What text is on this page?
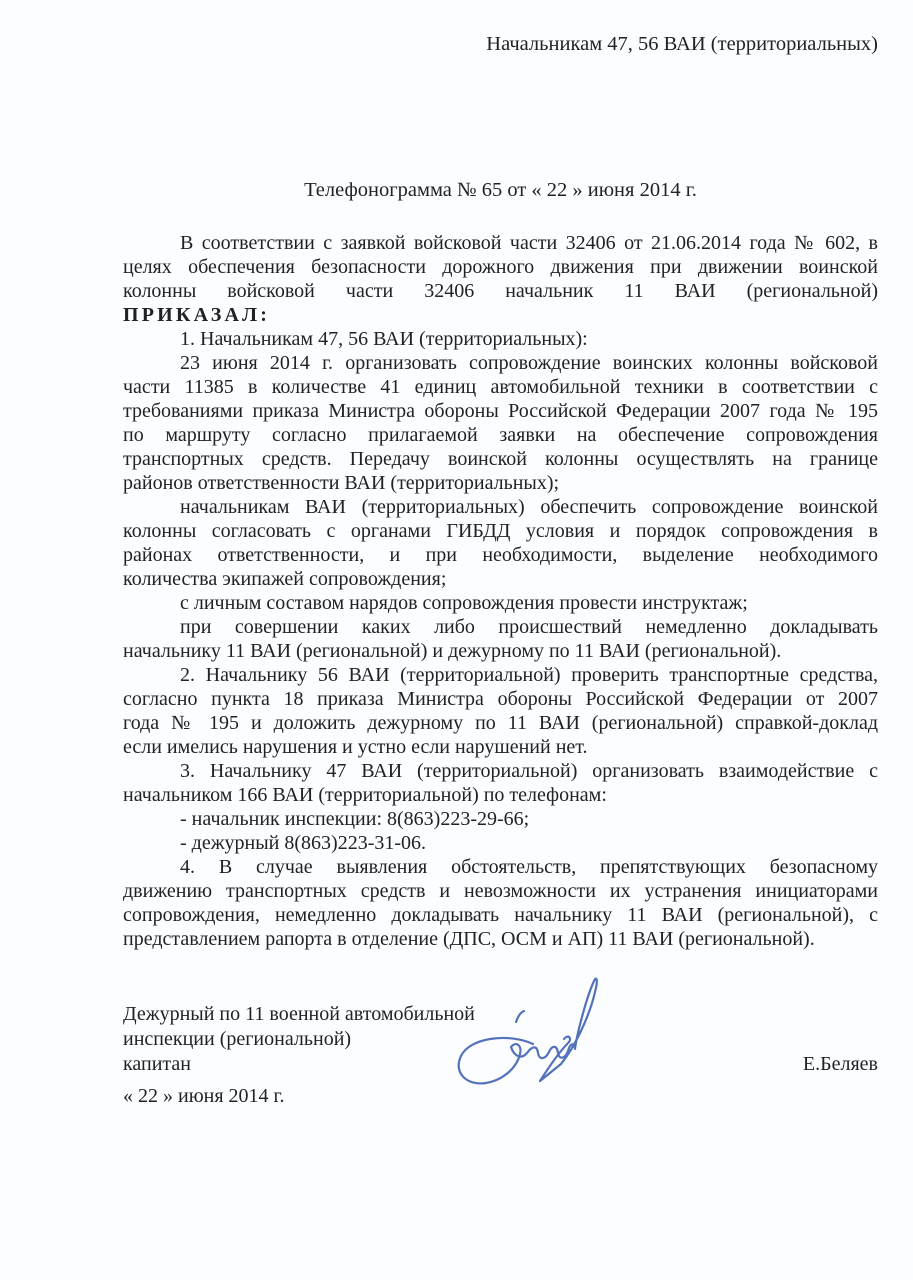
Начальникам 47, 56 ВАИ (территориальных)
Телефонограмма № 65 от « 22 » июня 2014 г.
В соответствии с заявкой войсковой части 32406 от 21.06.2014 года № 602, в
целях обеспечения безопасности дорожного движения при движении воинской
колонны войсковой части 32406 начальник 11 ВАИ (региональной)
ПРИКАЗАЛ:
1. Начальникам 47, 56 ВАИ (территориальных):
23 июня 2014 г. организовать сопровождение воинских колонны войсковой
части 11385 в количестве 41 единиц автомобильной техники в соответствии с
требованиями приказа Министра обороны Российской Федерации 2007 года № 195
по маршруту согласно прилагаемой заявки на обеспечение сопровождения
транспортных средств. Передачу воинской колонны осуществлять на границе
районов ответственности ВАИ (территориальных);
начальникам ВАИ (территориальных) обеспечить сопровождение воинской
колонны согласовать с органами ГИБДД условия и порядок сопровождения в
районах ответственности, и при необходимости, выделение необходимого
количества экипажей сопровождения;
с личным составом нарядов сопровождения провести инструктаж;
при совершении каких либо происшествий немедленно докладывать
начальнику 11 ВАИ (региональной) и дежурному по 11 ВАИ (региональной).
2. Начальнику 56 ВАИ (территориальной) проверить транспортные средства,
согласно пункта 18 приказа Министра обороны Российской Федерации от 2007
года № 195 и доложить дежурному по 11 ВАИ (региональной) справкой-доклад
если имелись нарушения и устно если нарушений нет.
3. Начальнику 47 ВАИ (территориальной) организовать взаимодействие с
начальником 166 ВАИ (территориальной) по телефонам:
- начальник инспекции: 8(863)223-29-66;
- дежурный 8(863)223-31-06.
4. В случае выявления обстоятельств, препятствующих безопасному
движению транспортных средств и невозможности их устранения инициаторами
сопровождения, немедленно докладывать начальнику 11 ВАИ (региональной), с
представлением рапорта в отделение (ДПС, ОСМ и АП) 11 ВАИ (региональной).
Дежурный по 11 военной автомобильной
инспекции (региональной)
капитан	Е.Беляев
« 22 » июня 2014 г.
